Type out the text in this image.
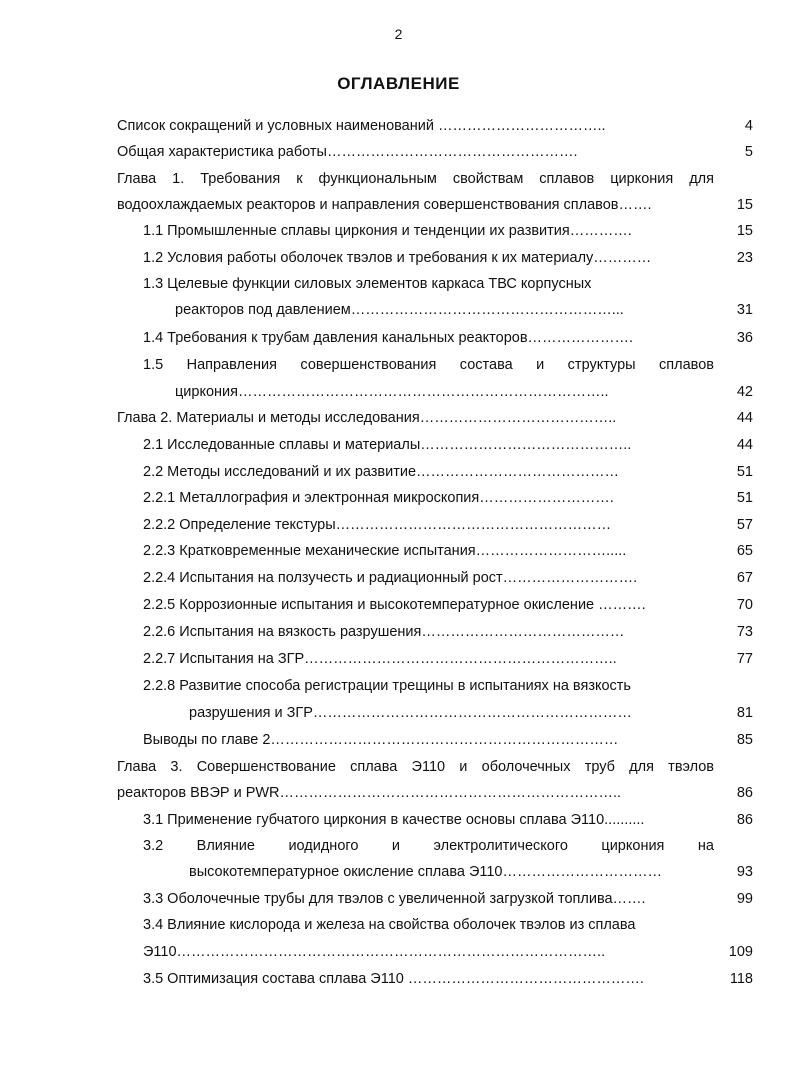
2
ОГЛАВЛЕНИЕ
Список сокращений и условных наименований ……………………………..	4
Общая характеристика работы…………………………………………….	5
Глава 1. Требования к функциональным свойствам сплавов циркония для
водоохлаждаемых реакторов и направления совершенствования сплавов…….	15
1.1 Промышленные сплавы циркония и тенденции их развития………….	15
1.2 Условия работы оболочек твэлов и требования к их материалу…………	23
1.3 Целевые функции силовых элементов каркаса ТВС корпусных
реакторов под давлением………………………………………………...	31
1.4 Требования к трубам давления канальных реакторов………………….	36
1.5 Направления совершенствования состава и структуры сплавов
циркония…………………………………………………………………..	42
Глава 2. Материалы и методы исследования…………………………………..	44
2.1 Исследованные сплавы и материалы……………………………………..	44
2.2 Методы исследований и их развитие……………………………………	51
2.2.1 Металлография и электронная микроскопия……………………….	51
2.2.2 Определение текстуры…………………………………………………	57
2.2.3 Кратковременные механические испытания……………………….....	65
2.2.4 Испытания на ползучесть и радиационный рост……………………….	67
2.2.5 Коррозионные испытания и высокотемпературное окисление ……….	70
2.2.6 Испытания на вязкость разрушения……………………………………	73
2.2.7 Испытания на ЗГР………………………………………………………..	77
2.2.8 Развитие способа регистрации трещины в испытаниях на вязкость
разрушения и ЗГР…………………………………………………………	81
Выводы по главе 2………………………………………………………………	85
Глава 3. Совершенствование сплава Э110 и оболочечных труб для твэлов
реакторов ВВЭР и PWR……………………………………………………………..	86
3.1 Применение губчатого циркония в качестве основы сплава Э110..........	86
3.2 Влияние иодидного и электролитического циркония на
высокотемпературное окисление сплава Э110……………………………	93
3.3 Оболочечные трубы для твэлов с увеличенной загрузкой топлива…….	99
3.4 Влияние кислорода и железа на свойства оболочек твэлов из сплава
Э110……………………………………………………………………………..	109
3.5 Оптимизация состава сплава Э110 ………………………………………….	118
